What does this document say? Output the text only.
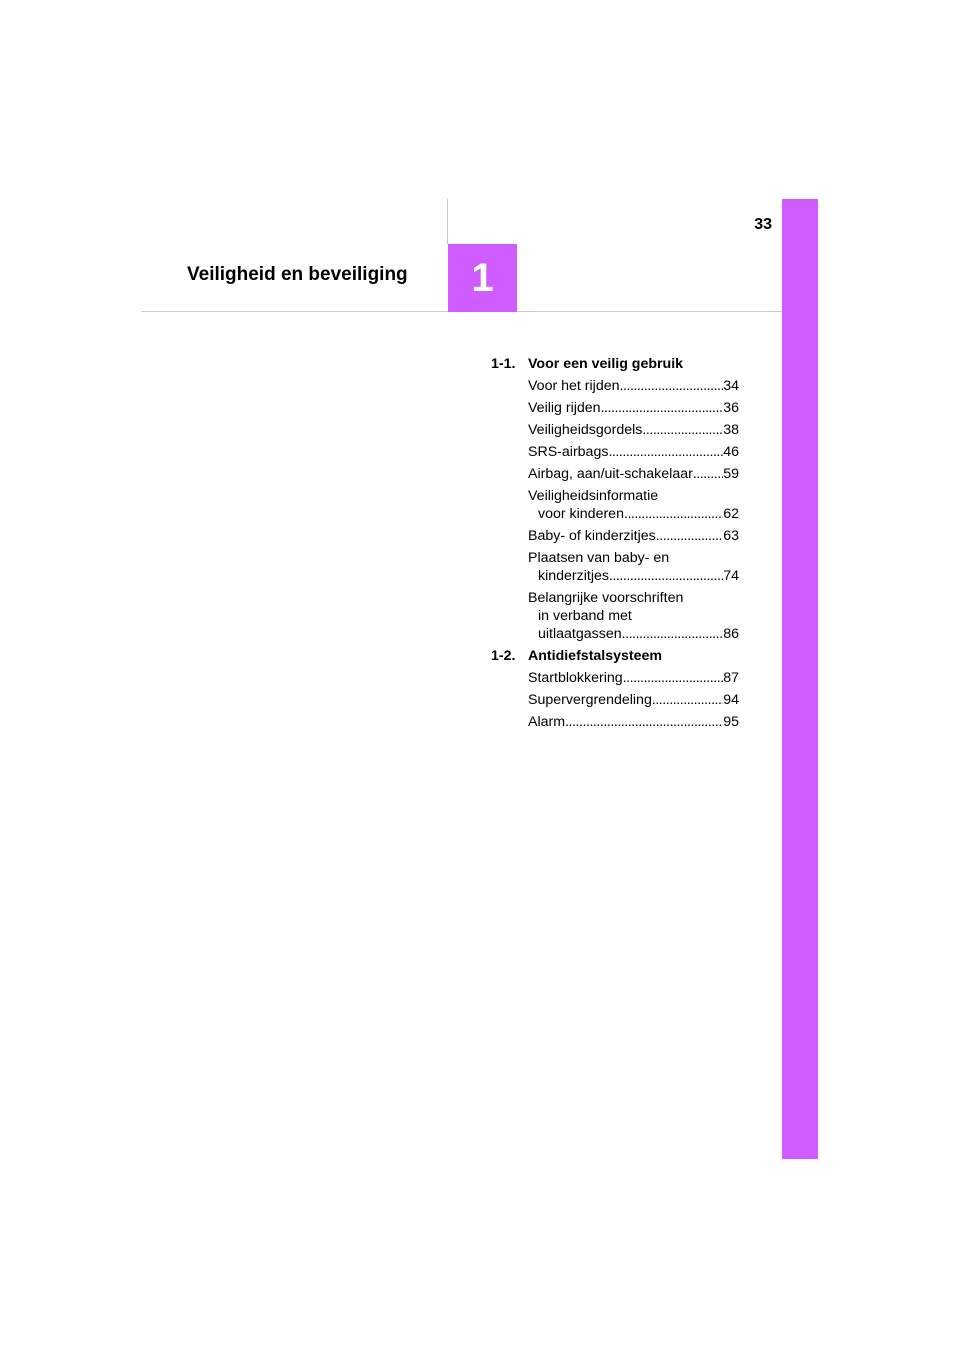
1
33
Veiligheid en beveiliging
1-1. Voor een veilig gebruik
Voor het rijden . . .	34
Veilig rijden . . .	36
Veiligheidsgordels . . .	38
SRS-airbags . . .	46
Airbag, aan/uit-schakelaar . . . 59
Veiligheidsinformatie
voor kinderen . . .	62
Baby- of kinderzitjes . . .	63
Plaatsen van baby- en
kinderzitjes . . .	74
Belangrijke voorschriften
in verband met
uitlaatgassen . . .	86
1-2. Antidiefstalsysteem
Startblokkering . . .	87
Supervergrendeling . . .	94
Alarm . . .	95
